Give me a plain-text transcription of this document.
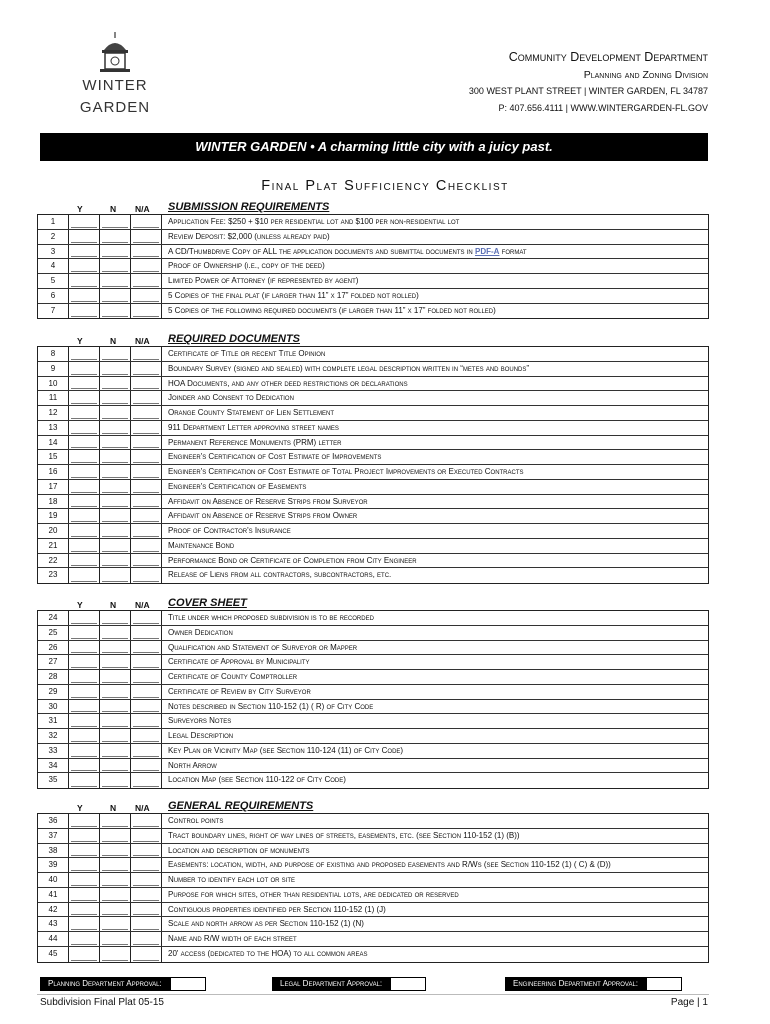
WINTER
GARDEN
Community Development Department
Planning and Zoning Division
300 WEST PLANT STREET | WINTER GARDEN, FL 34787
P: 407.656.4111 | WWW.WINTERGARDEN-FL.GOV
WINTER GARDEN • A charming little city with a juicy past.
Final Plat Sufficiency Checklist
Y	N N/A SUBMISSION REQUIREMENTS
1	Application Fee: $250 + $10 per residential lot and $100 per non-residential lot
2	Review Deposit: $2,000 (unless already paid)
3	A CD/Thumbdrive Copy of ALL the application documents and submittal documents in PDF-A format
4	Proof of Ownership (i.e., copy of the deed)
5	Limited Power of Attorney (if represented by agent)
6	5 Copies of the final plat (if larger than 11” x 17” folded not rolled)
7	5 Copies of the following required documents (if larger than 11” x 17” folded not rolled)
Y	N N/A REQUIRED DOCUMENTS
8	Certificate of Title or recent Title Opinion
9	Boundary Survey (signed and sealed) with complete legal description written in “metes and bounds”
10	HOA Documents, and any other deed restrictions or declarations
11	Joinder and Consent to Dedication
12	Orange County Statement of Lien Settlement
13	911 Department Letter approving street names
14	Permanent Reference Monuments (PRM) letter
15	Engineer's Certification of Cost Estimate of Improvements
16	Engineer's Certification of Cost Estimate of Total Project Improvements or Executed Contracts
17	Engineer's Certification of Easements
18	Affidavit on Absence of Reserve Strips from Surveyor
19	Affidavit on Absence of Reserve Strips from Owner
20	Proof of Contractor's Insurance
21	Maintenance Bond
22	Performance Bond or Certificate of Completion from City Engineer
23	Release of Liens from all contractors, subcontractors, etc.
Y	N N/A COVER SHEET
24	Title under which proposed subdivision is to be recorded
25	Owner Dedication
26	Qualification and Statement of Surveyor or Mapper
27	Certificate of Approval by Municipality
28	Certificate of County Comptroller
29	Certificate of Review by City Surveyor
30	Notes described in Section 110-152 (1) ( R) of City Code
31	Surveyors Notes
32	Legal Description
33	Key Plan or Vicinity Map (see Section 110-124 (11) of City Code)
34	North Arrow
35	Location Map (see Section 110-122 of City Code)
Y	N N/A GENERAL REQUIREMENTS
36	Control points
37	Tract boundary lines, right of way lines of streets, easements, etc. (see Section 110-152 (1) (B))
38	Location and description of monuments
39	Easements: location, width, and purpose of existing and proposed easements and R/Ws (see Section 110-152 (1) ( C) & (D))
40	Number to identify each lot or site
41	Purpose for which sites, other than residential lots, are dedicated or reserved
42	Contiguous properties identified per Section 110-152 (1) (J)
43	Scale and north arrow as per Section 110-152 (1) (N)
44	Name and R/W width of each street
45	20' access (dedicated to the HOA) to all common areas
Planning Department Approval:	Legal Department Approval:	Engineering Department Approval:
Subdivision Final Plat 05-15	Page | 1
